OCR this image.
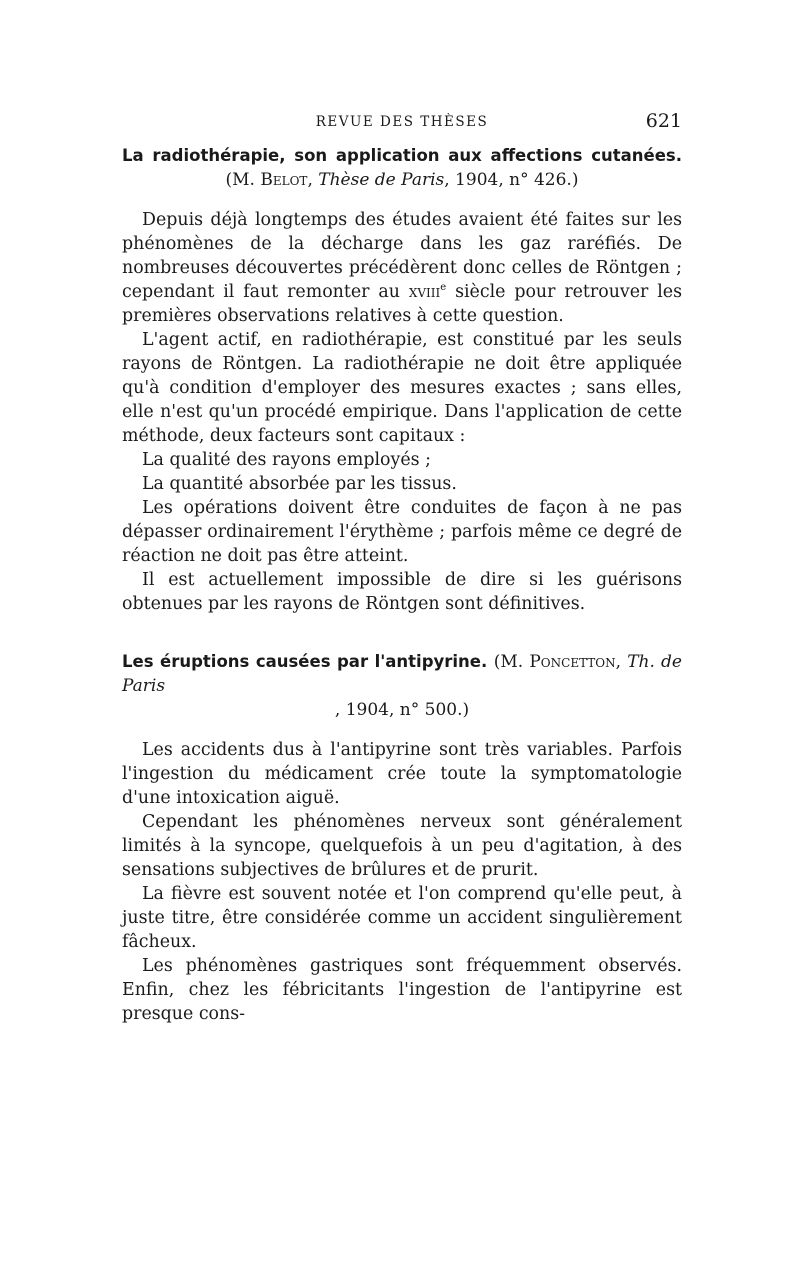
REVUE DES THÈSES	621
La radiothérapie, son application aux affections cutanées.
(M. Belot, Thèse de Paris, 1904, n° 426.)

Depuis déjà longtemps des études avaient été faites sur les phénomènes de la décharge dans les gaz raréfiés. De nombreuses découvertes précédèrent donc celles de Röntgen ; cependant il faut remonter au xviii$^e$ siècle pour retrouver les premières observations relatives à cette question.

L'agent actif, en radiothérapie, est constitué par les seuls rayons de Röntgen. La radiothérapie ne doit être appliquée qu'à condition d'employer des mesures exactes ; sans elles, elle n'est qu'un procédé empirique. Dans l'application de cette méthode, deux facteurs sont capitaux :

La qualité des rayons employés ;

La quantité absorbée par les tissus.

Les opérations doivent être conduites de façon à ne pas dépasser ordinairement l'érythème ; parfois même ce degré de réaction ne doit pas être atteint.

Il est actuellement impossible de dire si les guérisons obtenues par les rayons de Röntgen sont définitives.

Les éruptions causées par l'antipyrine. (M. Poncetton, Th. de Paris
, 1904, n° 500.)

Les accidents dus à l'antipyrine sont très variables. Parfois l'ingestion du médicament crée toute la symptomatologie d'une intoxication aiguë.

Cependant les phénomènes nerveux sont généralement limités à la syncope, quelquefois à un peu d'agitation, à des sensations subjectives de brûlures et de prurit.

La fièvre est souvent notée et l'on comprend qu'elle peut, à juste titre, être considérée comme un accident singulièrement fâcheux.

Les phénomènes gastriques sont fréquemment observés. Enfin, chez les fébricitants l'ingestion de l'antipyrine est presque cons-
